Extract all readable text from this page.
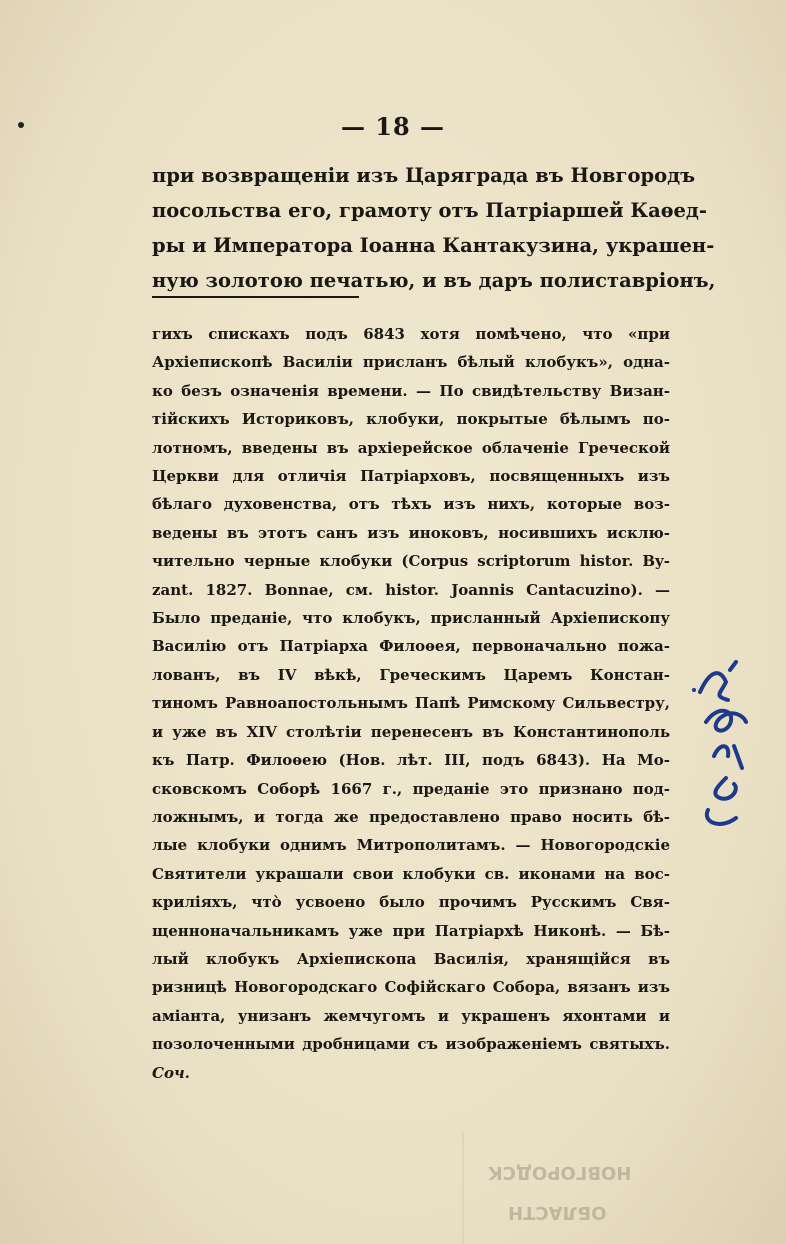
— 18 —
при возвращеніи изъ Царяграда въ Новгородъ
посольства его, грамоту отъ Патріаршей Каѳед-
ры и Императора Іоанна Кантакузина, украшен-
ную золотою печатью, и въ даръ полиставріонъ,
гихъ спискахъ подъ 6843 хотя помѣчено, что «при
Архіепископѣ Василіи присланъ бѣлый клобукъ», одна-
ко безъ означенія времени. — По свидѣтельству Визан-
тійскихъ Историковъ, клобуки, покрытые бѣлымъ по-
лотномъ, введены въ архіерейское облаченіе Греческой
Церкви для отличія Патріарховъ, посвященныхъ изъ
бѣлаго духовенства, отъ тѣхъ изъ нихъ, которые воз-
ведены въ этотъ санъ изъ иноковъ, носившихъ исклю-
чительно черные клобуки (Corpus scriptorum histor. By-
zant. 1827. Bonnae, см. histor. Joannis Cantacuzino). —
Было преданіе, что клобукъ, присланный Архіепископу
Василію отъ Патріарха Филоѳея, первоначально пожа-
лованъ, въ IV вѣкѣ, Греческимъ Царемъ Констан-
тиномъ Равноапостольнымъ Папѣ Римскому Сильвестру,
и уже въ XIV столѣтіи перенесенъ въ Константинополь
къ Патр. Филоѳею (Нов. лѣт. III, подъ 6843). На Мо-
сковскомъ Соборѣ 1667 г., преданіе это признано под-
ложнымъ, и тогда же предоставлено право носить бѣ-
лые клобуки однимъ Митрополитамъ. — Новогородскіе
Святители украшали свои клобуки св. иконами на вос-
криліяхъ, что̀ усвоено было прочимъ Русскимъ Свя-
щенноначальникамъ уже при Патріархѣ Никонѣ. — Бѣ-
лый клобукъ Архіепископа Василія, хранящійся въ
ризницѣ Новогородскаго Софійскаго Собора, вязанъ изъ
аміанта, унизанъ жемчугомъ и украшенъ яхонтами и
позолоченными дробницами съ изображеніемъ святыхъ.
Соч.
НОВГОРОДСК
ОБЛАСТН
